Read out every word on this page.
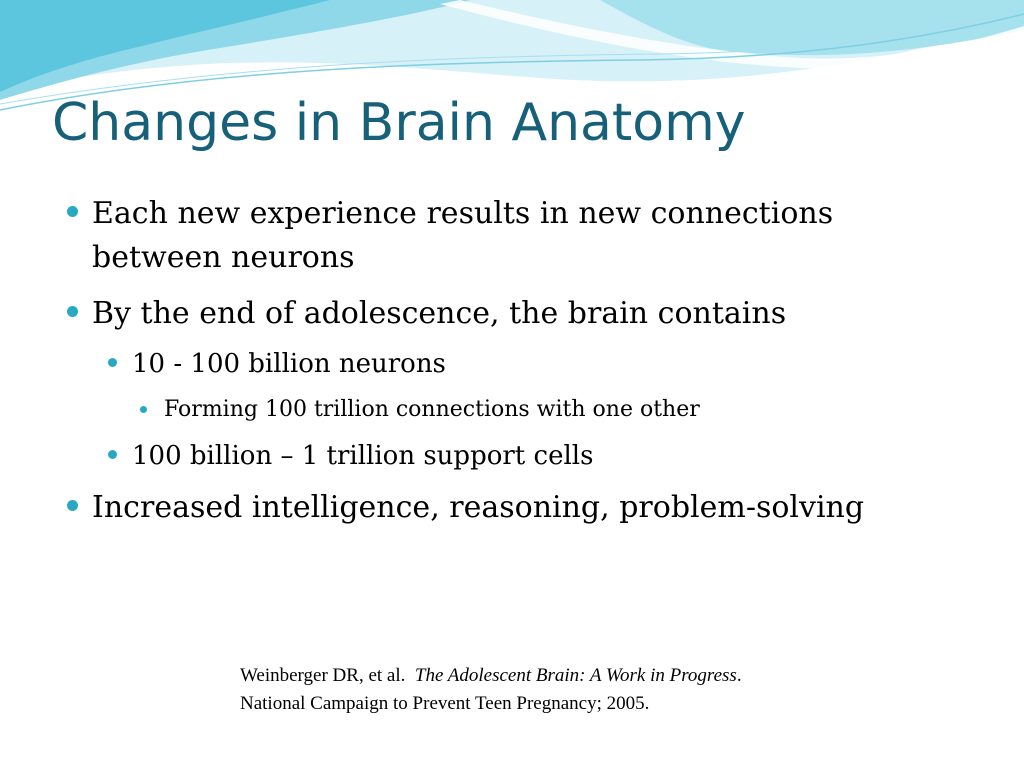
Changes in Brain Anatomy
Each new experience results in new connections
between neurons
By the end of adolescence, the brain contains
10 - 100 billion neurons
Forming 100 trillion connections with one other
100 billion – 1 trillion support cells
Increased intelligence, reasoning, problem-solving
Weinberger DR, et al. The Adolescent Brain: A Work in Progress.
National Campaign to Prevent Teen Pregnancy; 2005.
